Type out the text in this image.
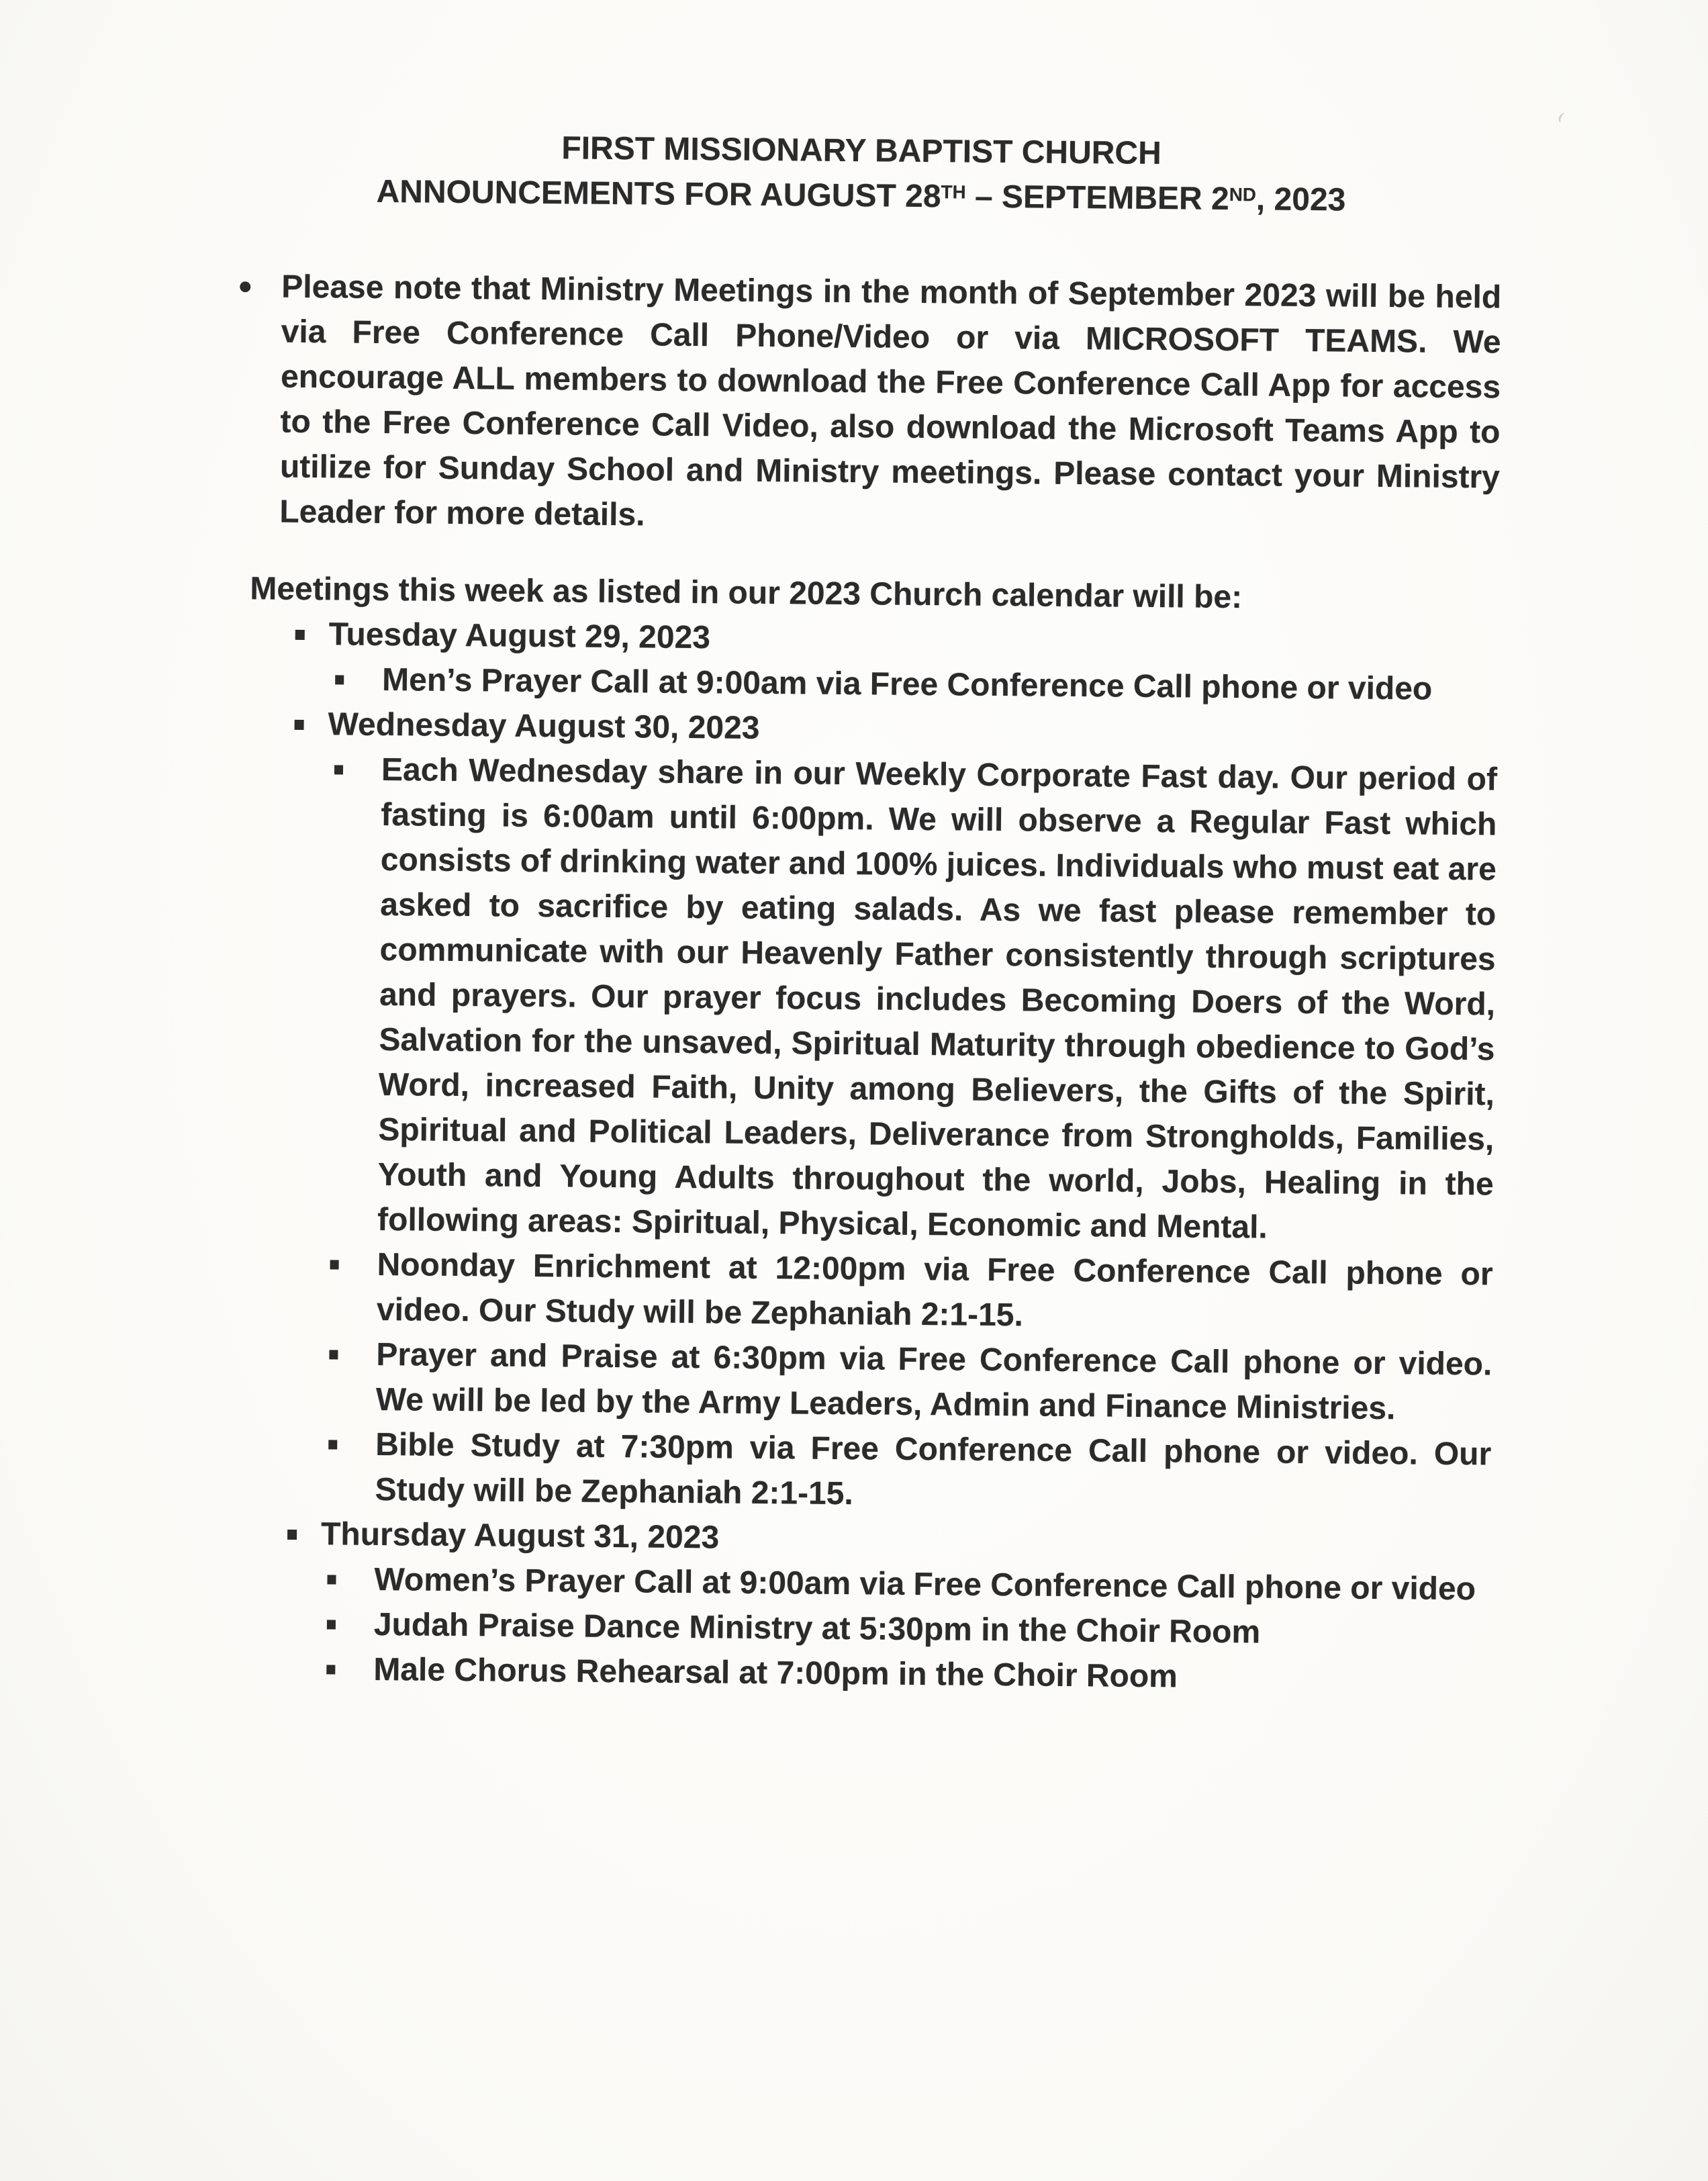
FIRST MISSIONARY BAPTIST CHURCH
ANNOUNCEMENTS FOR AUGUST 28TH – SEPTEMBER 2ND, 2023
Please note that Ministry Meetings in the month of September 2023 will be held via Free Conference Call Phone/Video or via MICROSOFT TEAMS. We encourage ALL members to download the Free Conference Call App for access to the Free Conference Call Video, also download the Microsoft Teams App to utilize for Sunday School and Ministry meetings. Please contact your Ministry Leader for more details.

Meetings this week as listed in our 2023 Church calendar will be:

Tuesday August 29, 2023
Men’s Prayer Call at 9:00am via Free Conference Call phone or video
Wednesday August 30, 2023
Each Wednesday share in our Weekly Corporate Fast day. Our period of fasting is 6:00am until 6:00pm. We will observe a Regular Fast which consists of drinking water and 100% juices. Individuals who must eat are asked to sacrifice by eating salads. As we fast please remember to communicate with our Heavenly Father consistently through scriptures and prayers. Our prayer focus includes Becoming Doers of the Word, Salvation for the unsaved, Spiritual Maturity through obedience to God’s Word, increased Faith, Unity among Believers, the Gifts of the Spirit, Spiritual and Political Leaders, Deliverance from Strongholds, Families, Youth and Young Adults throughout the world, Jobs, Healing in the following areas: Spiritual, Physical, Economic and Mental.
Noonday Enrichment at 12:00pm via Free Conference Call phone or video. Our Study will be Zephaniah 2:1-15.
Prayer and Praise at 6:30pm via Free Conference Call phone or video. We will be led by the Army Leaders, Admin and Finance Ministries.
Bible Study at 7:30pm via Free Conference Call phone or video. Our Study will be Zephaniah 2:1-15.
Thursday August 31, 2023
Women’s Prayer Call at 9:00am via Free Conference Call phone or video
Judah Praise Dance Ministry at 5:30pm in the Choir Room
Male Chorus Rehearsal at 7:00pm in the Choir Room
